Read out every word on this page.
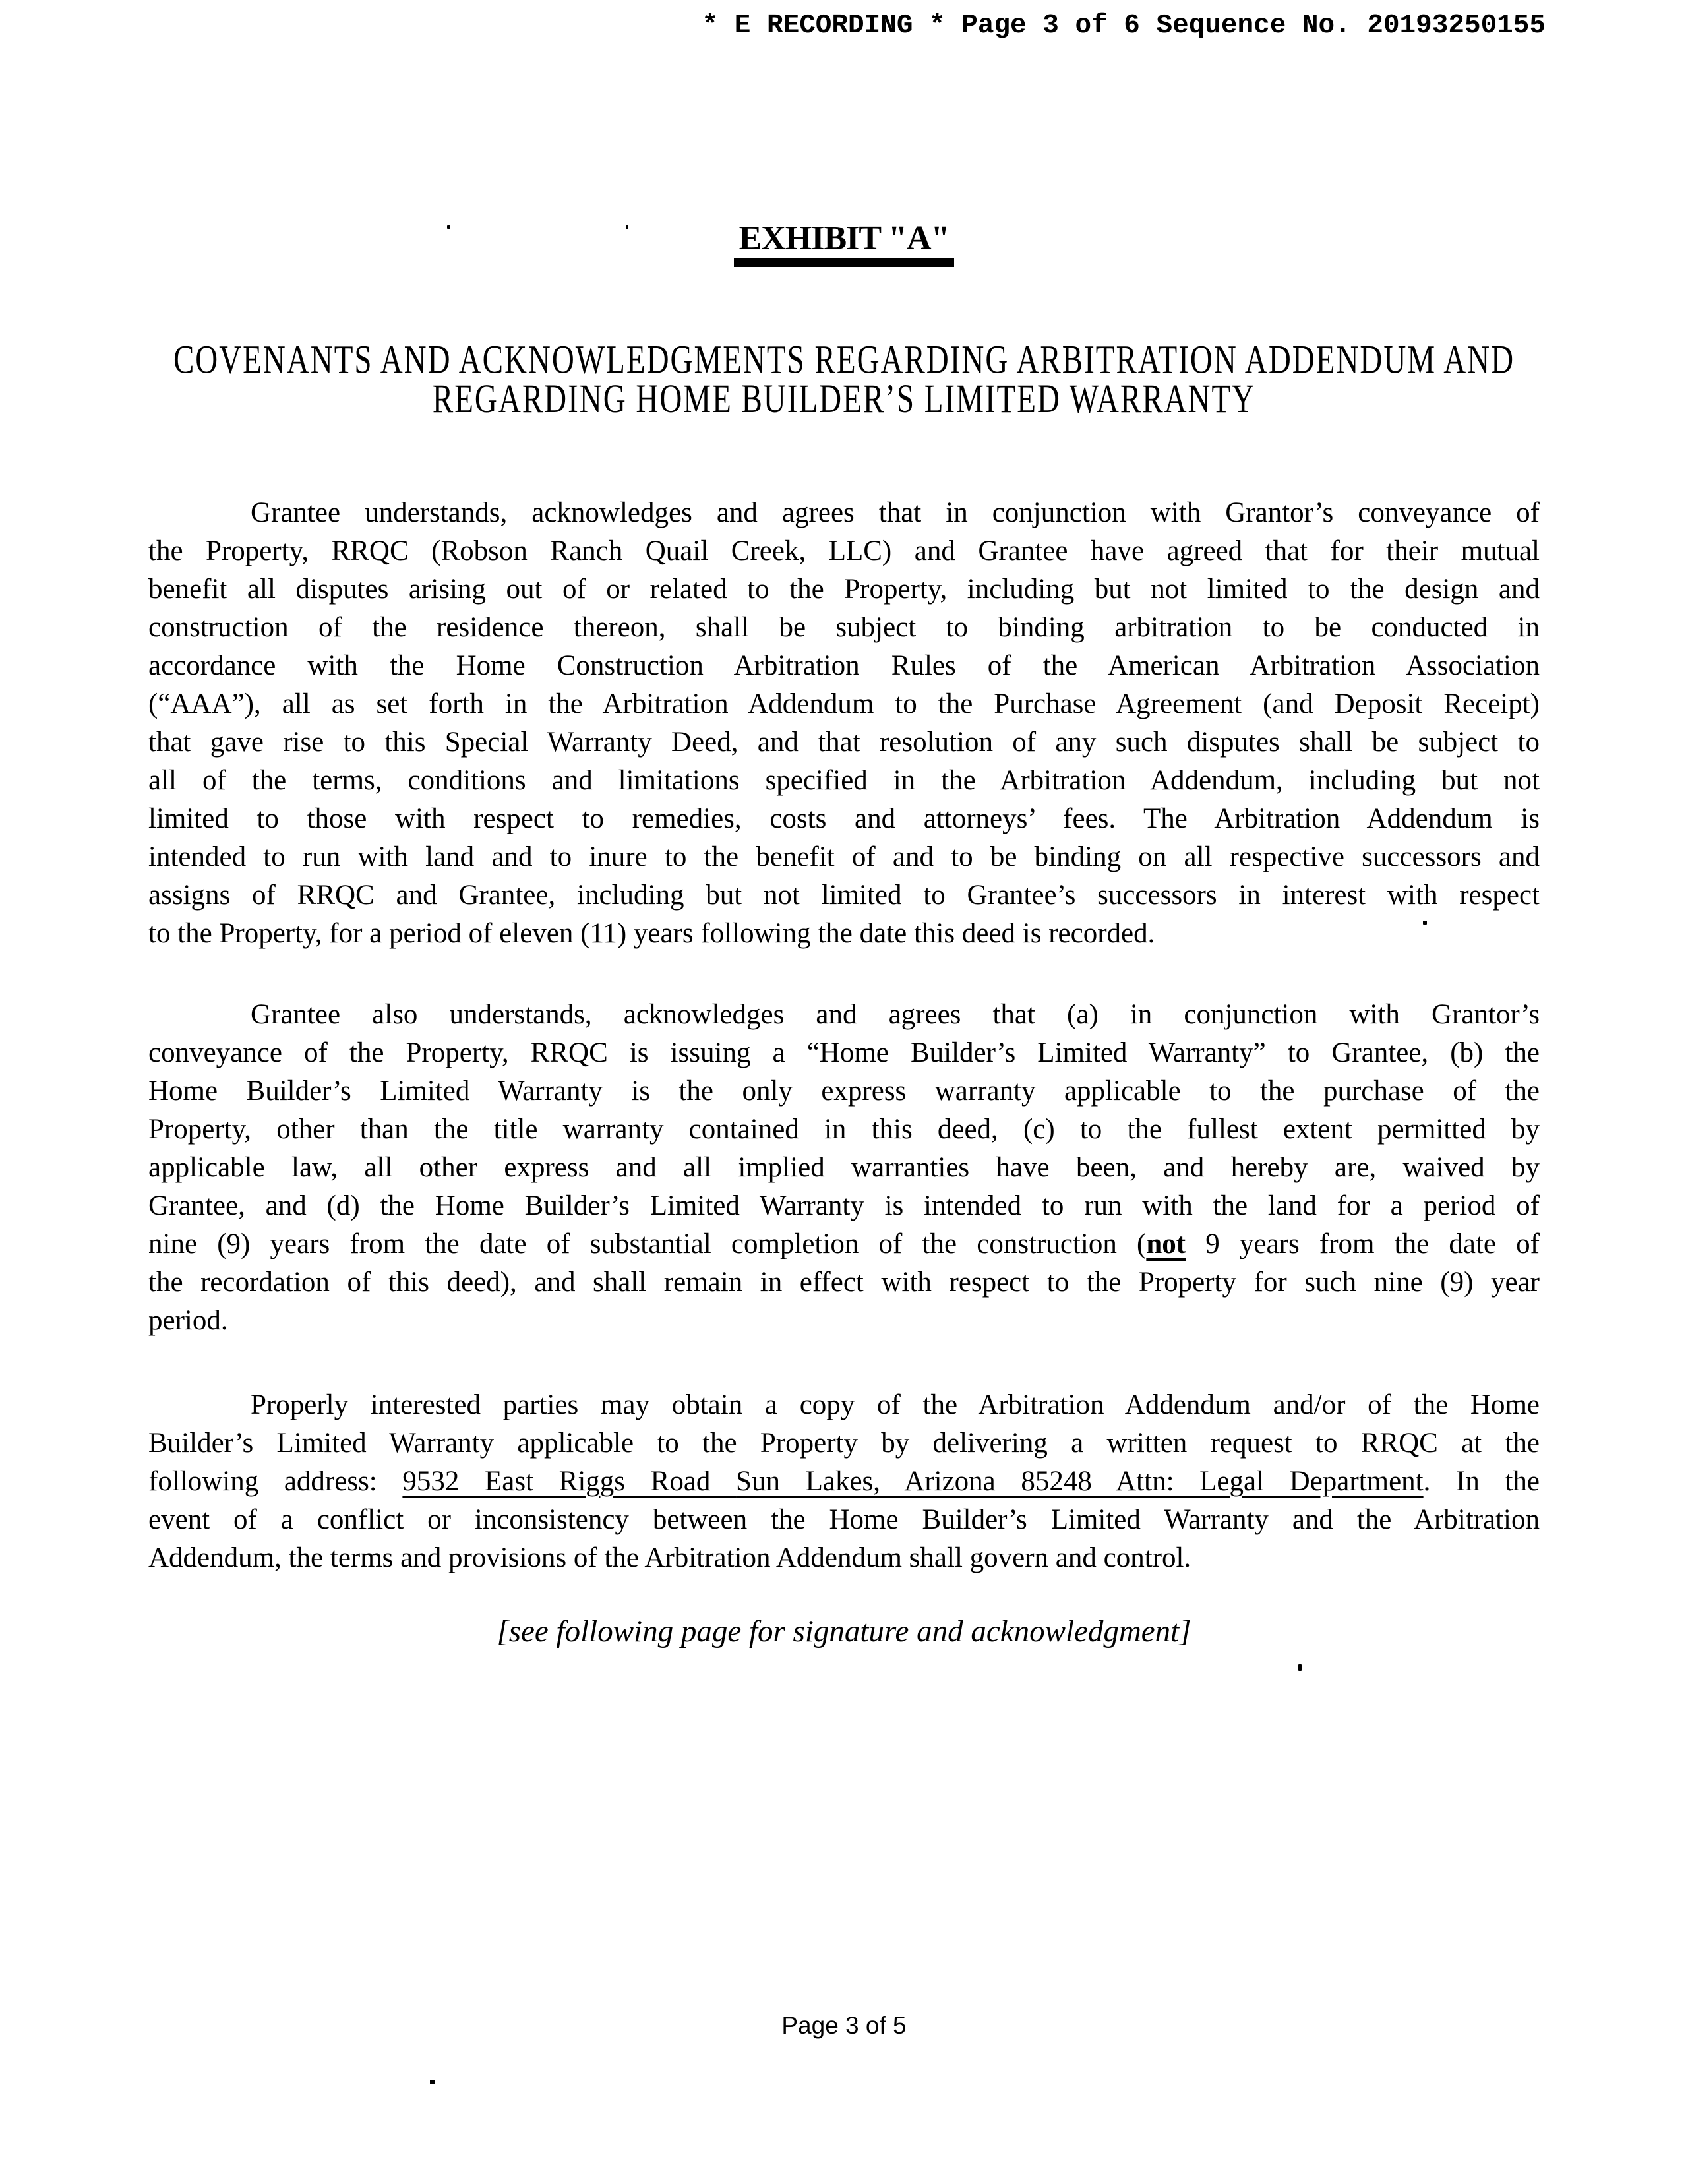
* E RECORDING * Page 3 of 6 Sequence No. 20193250155
EXHIBIT "A"
COVENANTS AND ACKNOWLEDGMENTS REGARDING ARBITRATION ADDENDUM AND
REGARDING HOME BUILDER’S LIMITED WARRANTY
Grantee understands, acknowledges and agrees that in conjunction with Grantor’s conveyance of
the Property, RRQC (Robson Ranch Quail Creek, LLC) and Grantee have agreed that for their mutual
benefit all disputes arising out of or related to the Property, including but not limited to the design and
construction of the residence thereon, shall be subject to binding arbitration to be conducted in
accordance with the Home Construction Arbitration Rules of the American Arbitration Association
(“AAA”), all as set forth in the Arbitration Addendum to the Purchase Agreement (and Deposit Receipt)
that gave rise to this Special Warranty Deed, and that resolution of any such disputes shall be subject to
all of the terms, conditions and limitations specified in the Arbitration Addendum, including but not
limited to those with respect to remedies, costs and attorneys’ fees. The Arbitration Addendum is
intended to run with land and to inure to the benefit of and to be binding on all respective successors and
assigns of RRQC and Grantee, including but not limited to Grantee’s successors in interest with respect
to the Property, for a period of eleven (11) years following the date this deed is recorded.
Grantee also understands, acknowledges and agrees that (a) in conjunction with Grantor’s
conveyance of the Property, RRQC is issuing a “Home Builder’s Limited Warranty” to Grantee, (b) the
Home Builder’s Limited Warranty is the only express warranty applicable to the purchase of the
Property, other than the title warranty contained in this deed, (c) to the fullest extent permitted by
applicable law, all other express and all implied warranties have been, and hereby are, waived by
Grantee, and (d) the Home Builder’s Limited Warranty is intended to run with the land for a period of
nine (9) years from the date of substantial completion of the construction (not 9 years from the date of
the recordation of this deed), and shall remain in effect with respect to the Property for such nine (9) year
period.
Properly interested parties may obtain a copy of the Arbitration Addendum and/or of the Home
Builder’s Limited Warranty applicable to the Property by delivering a written request to RRQC at the
following address: 9532 East Riggs Road Sun Lakes, Arizona 85248 Attn: Legal Department. In the
event of a conflict or inconsistency between the Home Builder’s Limited Warranty and the Arbitration
Addendum, the terms and provisions of the Arbitration Addendum shall govern and control.
[see following page for signature and acknowledgment]
Page 3 of 5
